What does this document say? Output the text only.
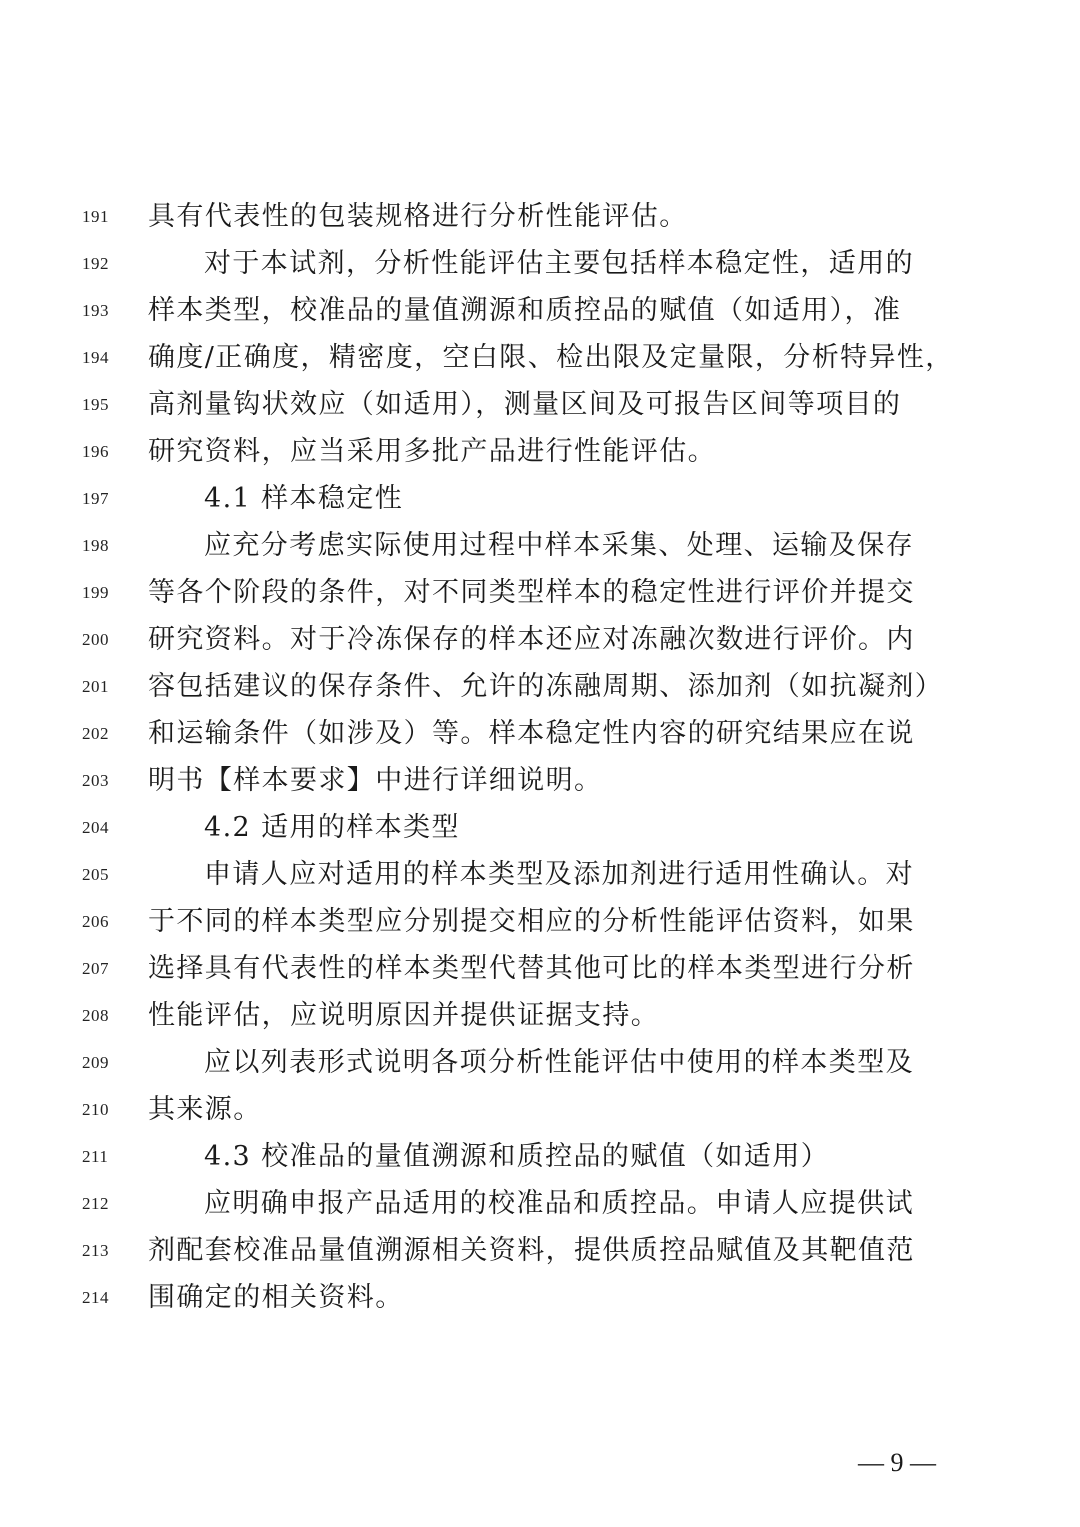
191	具有代表性的包装规格进行分析性能评估。
192	对于本试剂，分析性能评估主要包括样本稳定性，适用的
193	样本类型，校准品的量值溯源和质控品的赋值（如适用），准
194	确度/正确度，精密度，空白限、检出限及定量限，分析特异性，
195	高剂量钩状效应（如适用），测量区间及可报告区间等项目的
196	研究资料，应当采用多批产品进行性能评估。
197	4.1 样本稳定性
198	应充分考虑实际使用过程中样本采集、处理、运输及保存
199	等各个阶段的条件，对不同类型样本的稳定性进行评价并提交
200	研究资料。对于冷冻保存的样本还应对冻融次数进行评价。内
201	容包括建议的保存条件、允许的冻融周期、添加剂（如抗凝剂）
202	和运输条件（如涉及）等。样本稳定性内容的研究结果应在说
203	明书【样本要求】中进行详细说明。
204	4.2 适用的样本类型
205	申请人应对适用的样本类型及添加剂进行适用性确认。对
206	于不同的样本类型应分别提交相应的分析性能评估资料，如果
207	选择具有代表性的样本类型代替其他可比的样本类型进行分析
208	性能评估，应说明原因并提供证据支持。
209	应以列表形式说明各项分析性能评估中使用的样本类型及
210	其来源。
211	4.3 校准品的量值溯源和质控品的赋值（如适用）
212	应明确申报产品适用的校准品和质控品。申请人应提供试
213	剂配套校准品量值溯源相关资料，提供质控品赋值及其靶值范
214	围确定的相关资料。
— 9 —
